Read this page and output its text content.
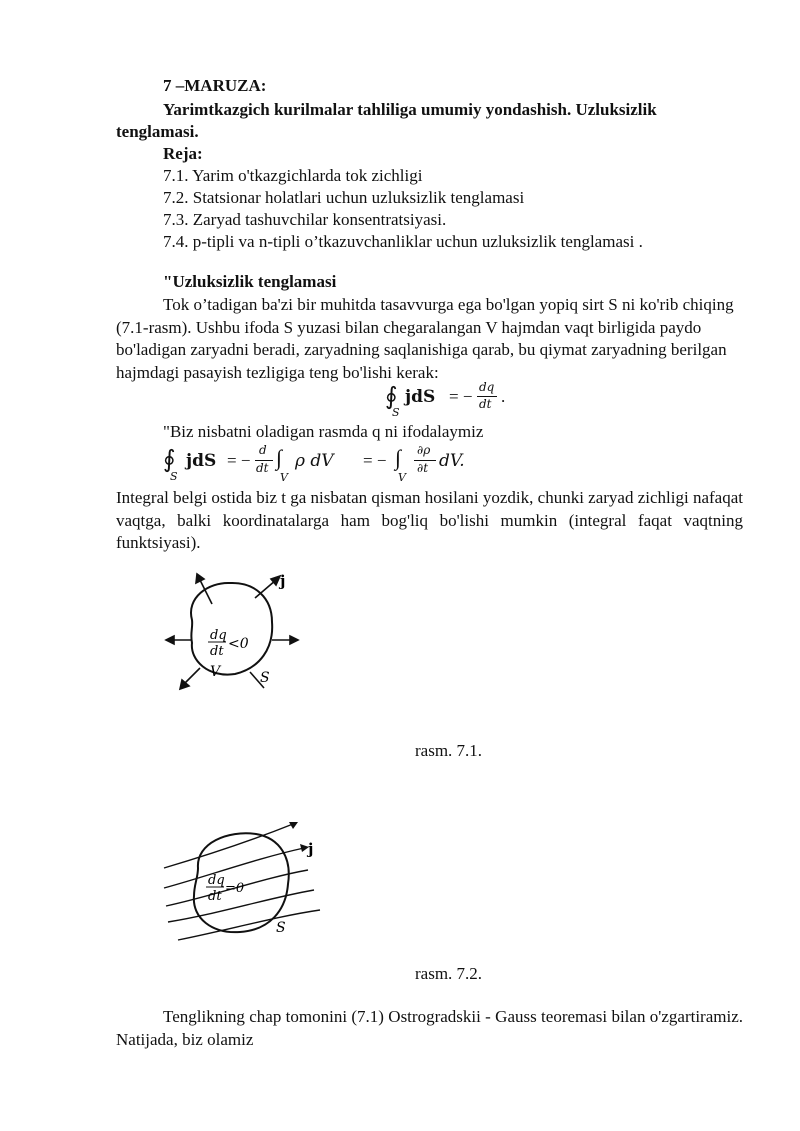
7 –MARUZA:
Yarimtkazgich kurilmalar tahliliga umumiy yondashish. Uzluksizlik
tenglamasi.
Reja:
7.1. Yarim o'tkazgichlarda tok zichligi
7.2. Statsionar holatlari uchun uzluksizlik tenglamasi
7.3. Zaryad tashuvchilar konsentratsiyasi.
7.4. p-tipli va n-tipli o’tkazuvchanliklar uchun uzluksizlik tenglamasi .
"Uzluksizlik tenglamasi
Tok o’tadigan ba'zi bir muhitda tasavvurga ega bo'lgan yopiq sirt S ni ko'rib chiqing (7.1-rasm). Ushbu ifoda S yuzasi bilan chegaralangan V hajmdan vaqt birligida paydo bo'ladigan zaryadni beradi, zaryadning saqlanishiga qarab, bu qiymat zaryadning berilgan hajmdagi pasayish tezligiga teng bo'lishi kerak:
∮
S
jdS = − dq
dt .
"Biz nisbatni oladigan rasmda q ni ifodalaymiz
∮
S
jdS = −
d
dt ∫
V
ρ dV = − ∫
V
∂ρ
∂t dV.
Integral belgi ostida biz t ga nisbatan qisman hosilani yozdik, chunki zaryad zichligi nafaqat vaqtga, balki koordinatalarga ham bog'liq bo'lishi mumkin (integral faqat vaqtning funktsiyasi).
j
dq
dt <0
V	S
rasm. 7.1.
j
dq
dt
=0
S
rasm. 7.2.
Tenglikning chap tomonini (7.1) Ostrogradskii - Gauss teoremasi bilan o'zgartiramiz. Natijada, biz olamiz
